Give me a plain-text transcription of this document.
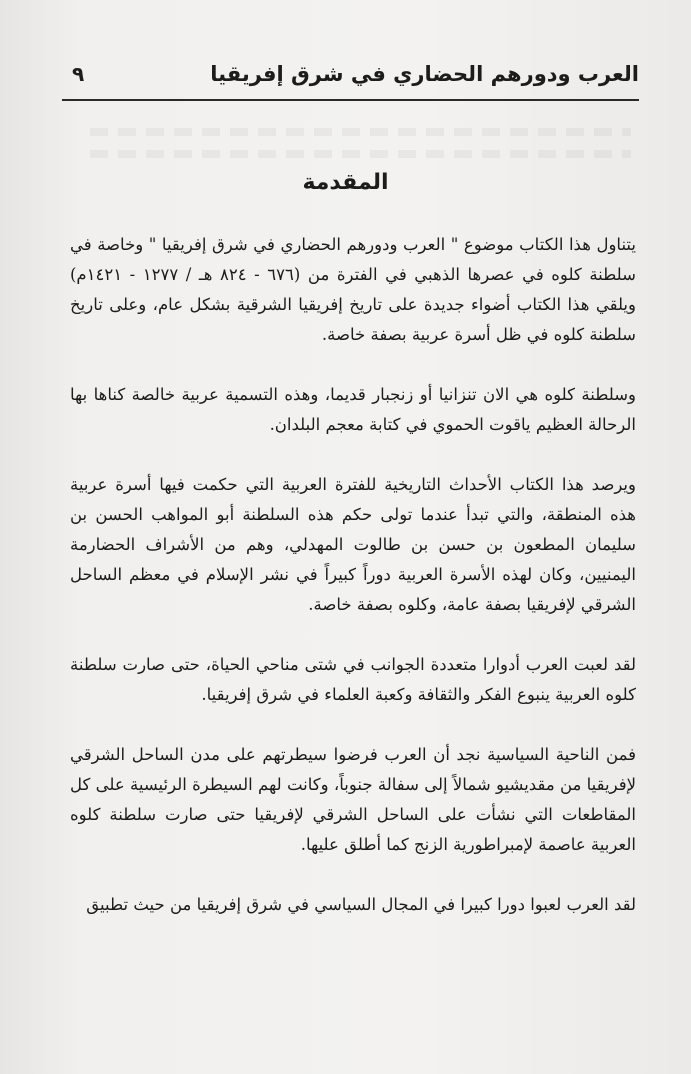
العرب ودورهم الحضاري في شرق إفريقيا
٩
المقدمة

يتناول هذا الكتاب موضوع " العرب ودورهم الحضاري في شرق إفريقيا " وخاصة في سلطنة كلوه في عصرها الذهبي في الفترة من (٦٧٦ - ٨٢٤ هـ / ١٢٧٧ - ١٤٢١م) ويلقي هذا الكتاب أضواء جديدة على تاريخ إفريقيا الشرقية بشكل عام، وعلى تاريخ سلطنة كلوه في ظل أسرة عربية بصفة خاصة.

وسلطنة كلوه هي الان تنزانيا أو زنجبار قديما، وهذه التسمية عربية خالصة كناها بها الرحالة العظيم ياقوت الحموي في كتابة معجم البلدان.

ويرصد هذا الكتاب الأحداث التاريخية للفترة العربية التي حكمت فيها أسرة عربية هذه المنطقة، والتي تبدأ عندما تولى حكم هذه السلطنة أبو المواهب الحسن بن سليمان المطعون بن حسن بن طالوت المهدلي، وهم من الأشراف الحضارمة اليمنيين، وكان لهذه الأسرة العربية دوراً كبيراً في نشر الإسلام في معظم الساحل الشرقي لإفريقيا بصفة عامة، وكلوه بصفة خاصة.

لقد لعبت العرب أدوارا متعددة الجوانب في شتى مناحي الحياة، حتى صارت سلطنة كلوه العربية ينبوع الفكر والثقافة وكعبة العلماء في شرق إفريقيا.

فمن الناحية السياسية نجد أن العرب فرضوا سيطرتهم على مدن الساحل الشرقي لإفريقيا من مقديشيو شمالاً إلى سفالة جنوباً، وكانت لهم السيطرة الرئيسية على كل المقاطعات التي نشأت على الساحل الشرقي لإفريقيا حتى صارت سلطنة كلوه العربية عاصمة لإمبراطورية الزنج كما أطلق عليها.

لقد العرب لعبوا دورا كبيرا في المجال السياسي في شرق إفريقيا من حيث تطبيق
